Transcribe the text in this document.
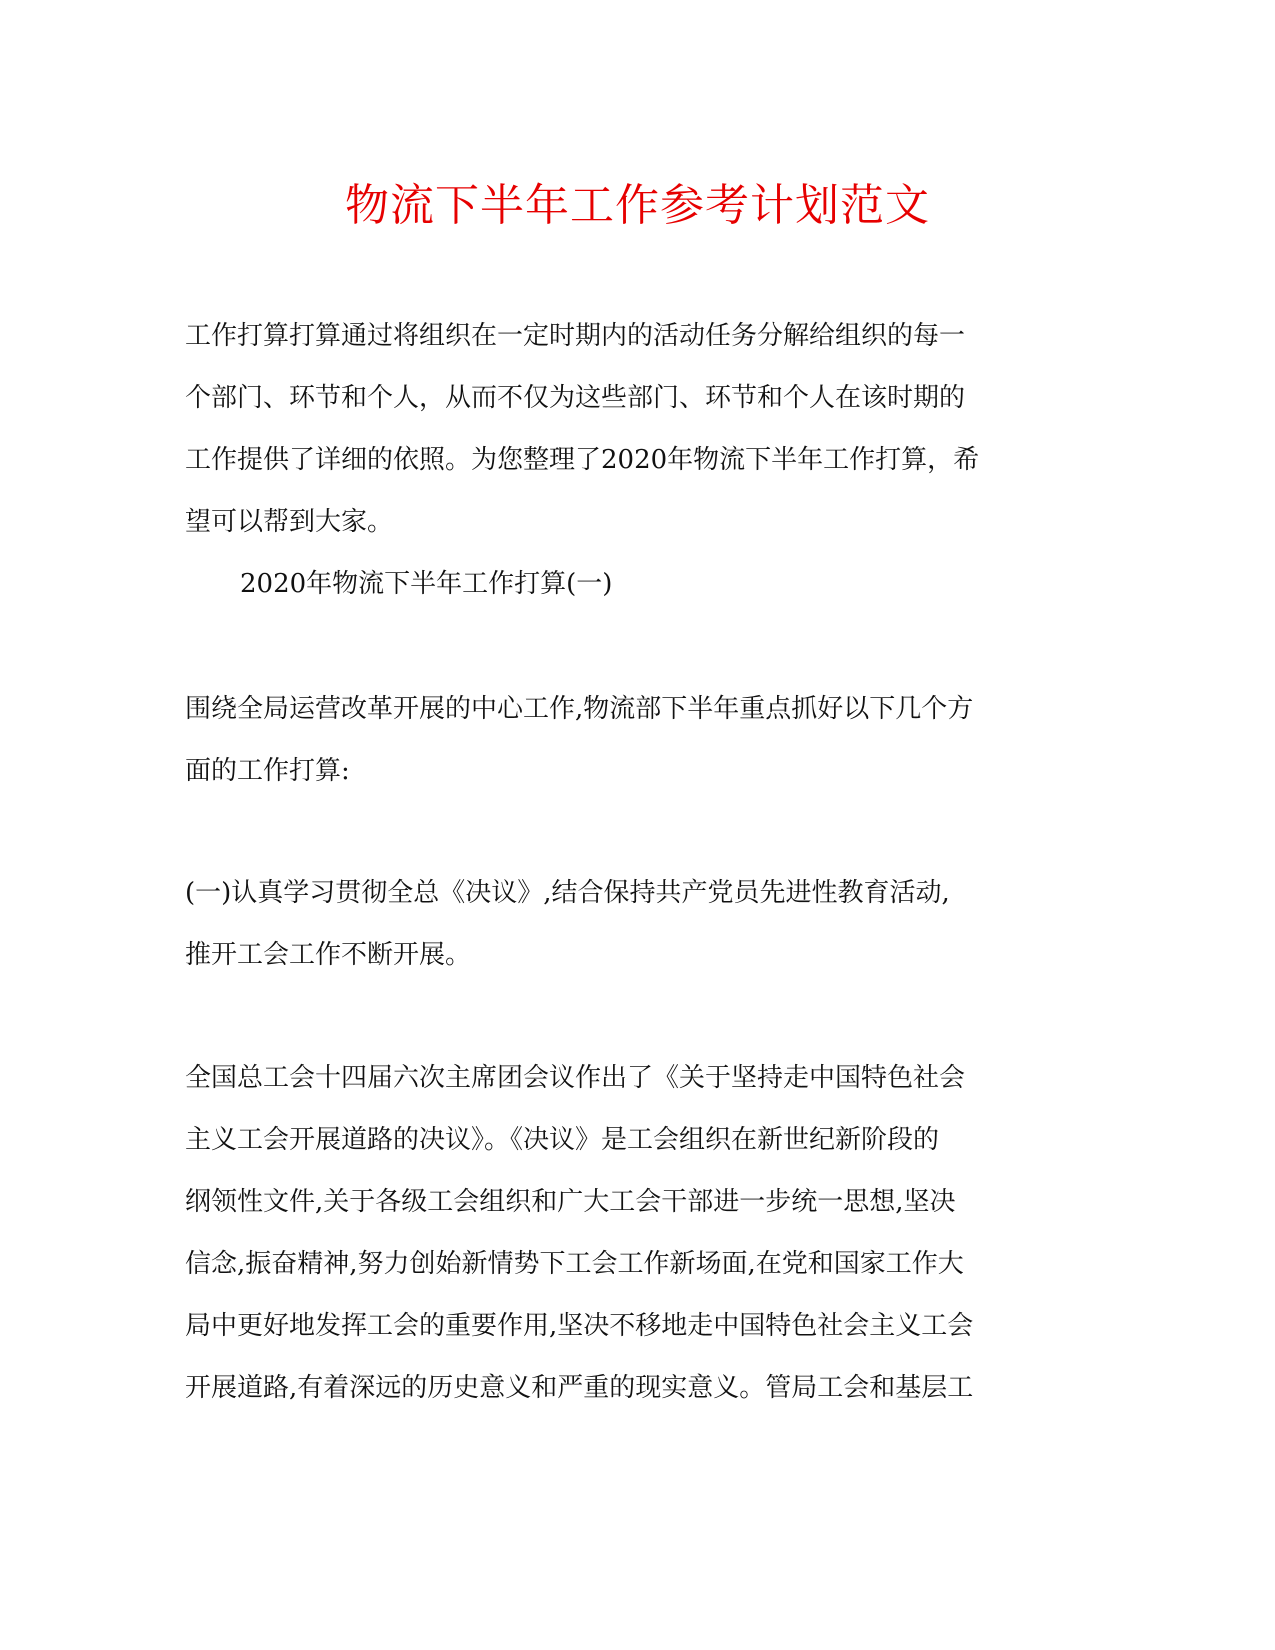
物流下半年工作参考计划范文
工作打算打算通过将组织在一定时期内的活动任务分解给组织的每一
个部门、环节和个人，从而不仅为这些部门、环节和个人在该时期的
工作提供了详细的依照。为您整理了2020年物流下半年工作打算，希
望可以帮到大家。
2020年物流下半年工作打算(一)
围绕全局运营改革开展的中心工作,物流部下半年重点抓好以下几个方
面的工作打算:
(一)认真学习贯彻全总《决议》,结合保持共产党员先进性教育活动,
推开工会工作不断开展。
全国总工会十四届六次主席团会议作出了《关于坚持走中国特色社会
主义工会开展道路的决议》。《决议》是工会组织在新世纪新阶段的
纲领性文件,关于各级工会组织和广大工会干部进一步统一思想,坚决
信念,振奋精神,努力创始新情势下工会工作新场面,在党和国家工作大
局中更好地发挥工会的重要作用,坚决不移地走中国特色社会主义工会
开展道路,有着深远的历史意义和严重的现实意义。管局工会和基层工
